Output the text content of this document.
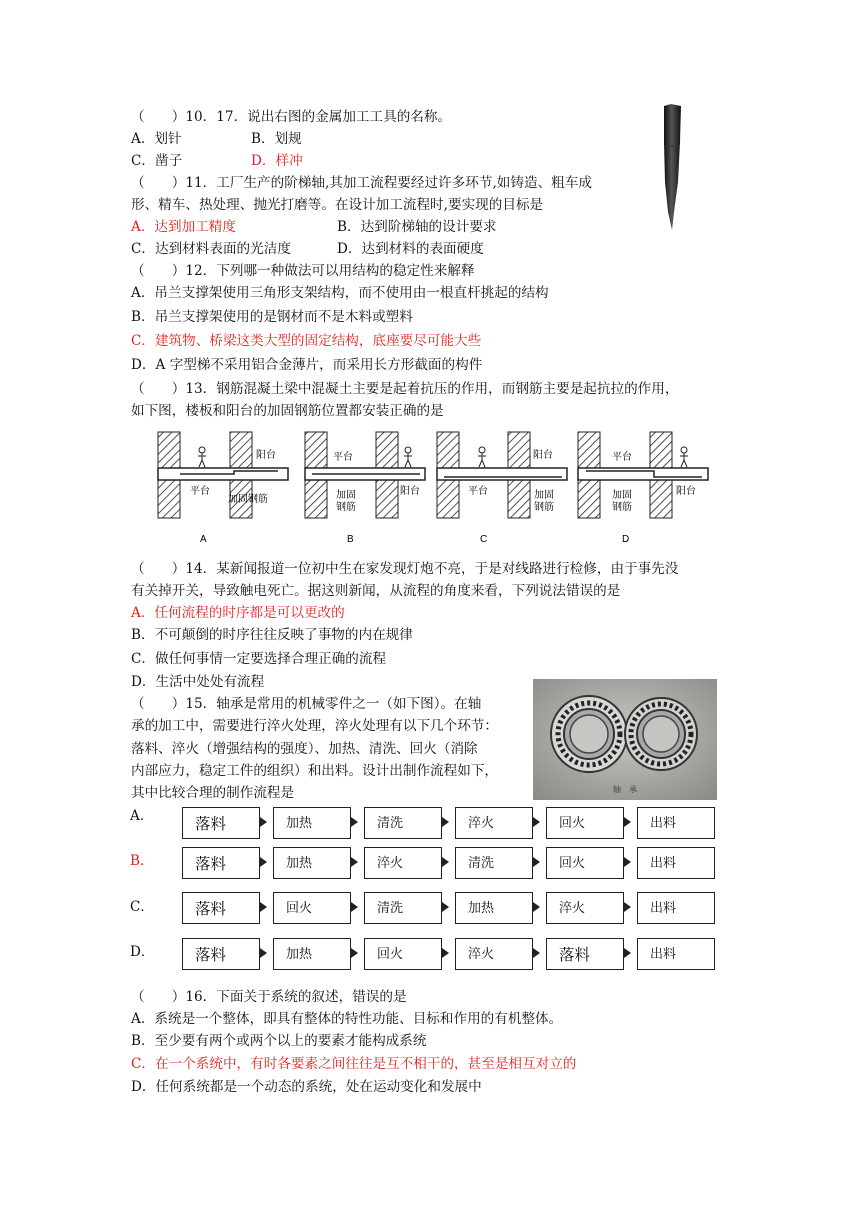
（　　）10．17．说出右图的金属加工工具的名称。
A．划针	B．划规
C．凿子	D．样冲
（　　）11．工厂生产的阶梯轴,其加工流程要经过许多环节,如铸造、粗车成
形、精车、热处理、抛光打磨等。在设计加工流程时,要实现的目标是
A．达到加工精度	B．达到阶梯轴的设计要求
C．达到材料表面的光洁度	D．达到材料的表面硬度
（　　）12．下列哪一种做法可以用结构的稳定性来解释
A．吊兰支撑架使用三角形支架结构，而不使用由一根直杆挑起的结构
B．吊兰支撑架使用的是钢材而不是木料或塑料
C．建筑物、桥梁这类大型的固定结构，底座要尽可能大些
D．A 字型梯不采用铝合金薄片，而采用长方形截面的构件
（　　）13．钢筋混凝土梁中混凝土主要是起着抗压的作用，而钢筋主要是起抗拉的作用，
如下图，楼板和阳台的加固钢筋位置都安装正确的是
阳台
平台
加固钢筋
A
平台
阳台
加固
钢筋
B
阳台
平台	加固
钢筋
C
平台
阳台
加固
钢筋
D
（　　）14．某新闻报道一位初中生在家发现灯炮不亮，于是对线路进行检修，由于事先没
有关掉开关，导致触电死亡。据这则新闻，从流程的角度来看，下列说法错误的是
A．任何流程的时序都是可以更改的
B．不可颠倒的时序往往反映了事物的内在规律
C．做任何事情一定要选择合理正确的流程
D．生活中处处有流程
（　　）15．轴承是常用的机械零件之一（如下图）。在轴
承的加工中，需要进行淬火处理，淬火处理有以下几个环节：
落料、淬火（增强结构的强度）、加热、清洗、回火（消除
内部应力，稳定工件的组织）和出料。设计出制作流程如下，
其中比较合理的制作流程是	轴　承
A．	落料	加热	清洗	淬火	回火	出料
B．	落料	加热	淬火	清洗	回火	出料
C．	落料	回火	清洗	加热	淬火	出料
D．	落料	加热	回火	淬火	落料	出料
（　　）16．下面关于系统的叙述，错误的是
A．系统是一个整体，即具有整体的特性功能、目标和作用的有机整体。
B．至少要有两个或两个以上的要素才能构成系统
C．在一个系统中，有时各要素之间往往是互不相干的，甚至是相互对立的
D．任何系统都是一个动态的系统，处在运动变化和发展中
